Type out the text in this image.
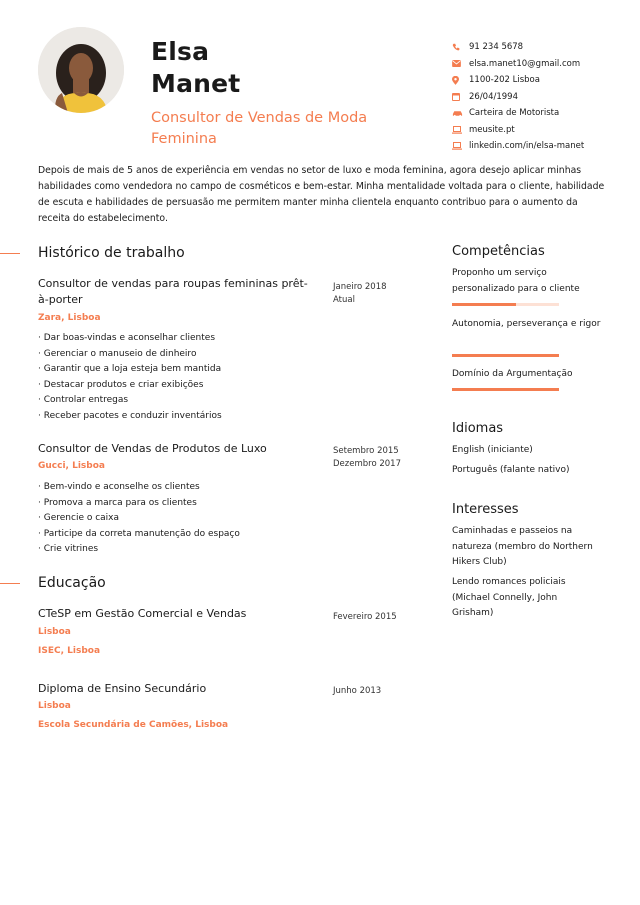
Elsa
Manet
Consultor de Vendas de Moda Feminina
91 234 5678
elsa.manet10@gmail.com
1100-202 Lisboa
26/04/1994
Carteira de Motorista
meusite.pt
linkedin.com/in/elsa-manet

Depois de mais de 5 anos de experiência em vendas no setor de luxo e moda feminina, agora desejo aplicar minhas habilidades como vendedora no campo de cosméticos e bem-estar. Minha mentalidade voltada para o cliente, habilidade de escuta e habilidades de persuasão me permitem manter minha clientela enquanto contribuo para o aumento da receita do estabelecimento.

Histórico de trabalho
Consultor de vendas para roupas femininas prêt-à-porter
Janeiro 2018
Atual
Zara, Lisboa
· Dar boas-vindas e aconselhar clientes
· Gerenciar o manuseio de dinheiro
· Garantir que a loja esteja bem mantida
· Destacar produtos e criar exibições
· Controlar entregas
· Receber pacotes e conduzir inventários
Consultor de Vendas de Produtos de Luxo	Setembro 2015
Dezembro 2017
Gucci, Lisboa
· Bem-vindo e aconselhe os clientes
· Promova a marca para os clientes
· Gerencie o caixa
· Participe da correta manutenção do espaço
· Crie vitrines
Educação
CTeSP em Gestão Comercial e Vendas	Fevereiro 2015
Lisboa
ISEC, Lisboa
Diploma de Ensino Secundário	Junho 2013
Lisboa
Escola Secundária de Camões, Lisboa
Competências
Proponho um serviço personalizado para o cliente
Autonomia, perseverança e rigor
Domínio da Argumentação
Idiomas
English (iniciante)
Português (falante nativo)
Interesses
Caminhadas e passeios na natureza (membro do Northern Hikers Club)
Lendo romances policiais (Michael Connelly, John Grisham)
